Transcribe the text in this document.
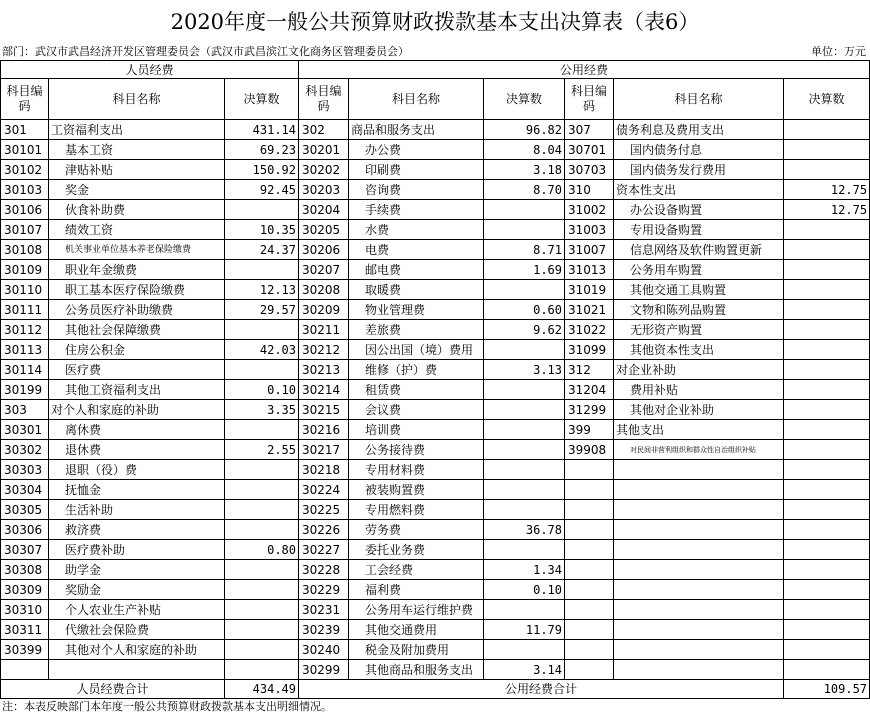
2020年度一般公共预算财政拨款基本支出决算表（表6）
部门：武汉市武昌经济开发区管理委员会（武汉市武昌滨江文化商务区管理委员会）	单位：万元
人员经费			公用经费					
科目编码	科目名称	决算数	科目编码	科目名称	决算数	科目编码	科目名称	决算数
301	工资福利支出	431.14	302	商品和服务支出	96.82	307	债务利息及费用支出	
30101	基本工资	69.23	30201	办公费	8.04	30701	国内债务付息	
30102	津贴补贴	150.92	30202	印刷费	3.18	30703	国内债务发行费用	
30103	奖金	92.45	30203	咨询费	8.70	310	资本性支出	12.75
30106	伙食补助费		30204	手续费		31002	办公设备购置	12.75
30107	绩效工资	10.35	30205	水费		31003	专用设备购置	
30108	机关事业单位基本养老保险缴费	24.37	30206	电费	8.71	31007	信息网络及软件购置更新	
30109	职业年金缴费		30207	邮电费	1.69	31013	公务用车购置	
30110	职工基本医疗保险缴费	12.13	30208	取暖费		31019	其他交通工具购置	
30111	公务员医疗补助缴费	29.57	30209	物业管理费	0.60	31021	文物和陈列品购置	
30112	其他社会保障缴费		30211	差旅费	9.62	31022	无形资产购置	
30113	住房公积金	42.03	30212	因公出国（境）费用		31099	其他资本性支出	
30114	医疗费		30213	维修（护）费	3.13	312	对企业补助	
30199	其他工资福利支出	0.10	30214	租赁费		31204	费用补贴	
303	对个人和家庭的补助	3.35	30215	会议费		31299	其他对企业补助	
30301	离休费		30216	培训费		399	其他支出	
30302	退休费	2.55	30217	公务接待费		39908	对民间非营利组织和群众性自治组织补贴	
30303	退职（役）费		30218	专用材料费				
30304	抚恤金		30224	被装购置费				
30305	生活补助		30225	专用燃料费				
30306	救济费		30226	劳务费	36.78			
30307	医疗费补助	0.80	30227	委托业务费				
30308	助学金		30228	工会经费	1.34			
30309	奖励金		30229	福利费	0.10			
30310	个人农业生产补贴		30231	公务用车运行维护费				
30311	代缴社会保险费		30239	其他交通费用	11.79			
30399	其他对个人和家庭的补助		30240	税金及附加费用				
			30299	其他商品和服务支出	3.14			
人员经费合计		434.49	公用经费合计					109.57
注：本表反映部门本年度一般公共预算财政拨款基本支出明细情况。
